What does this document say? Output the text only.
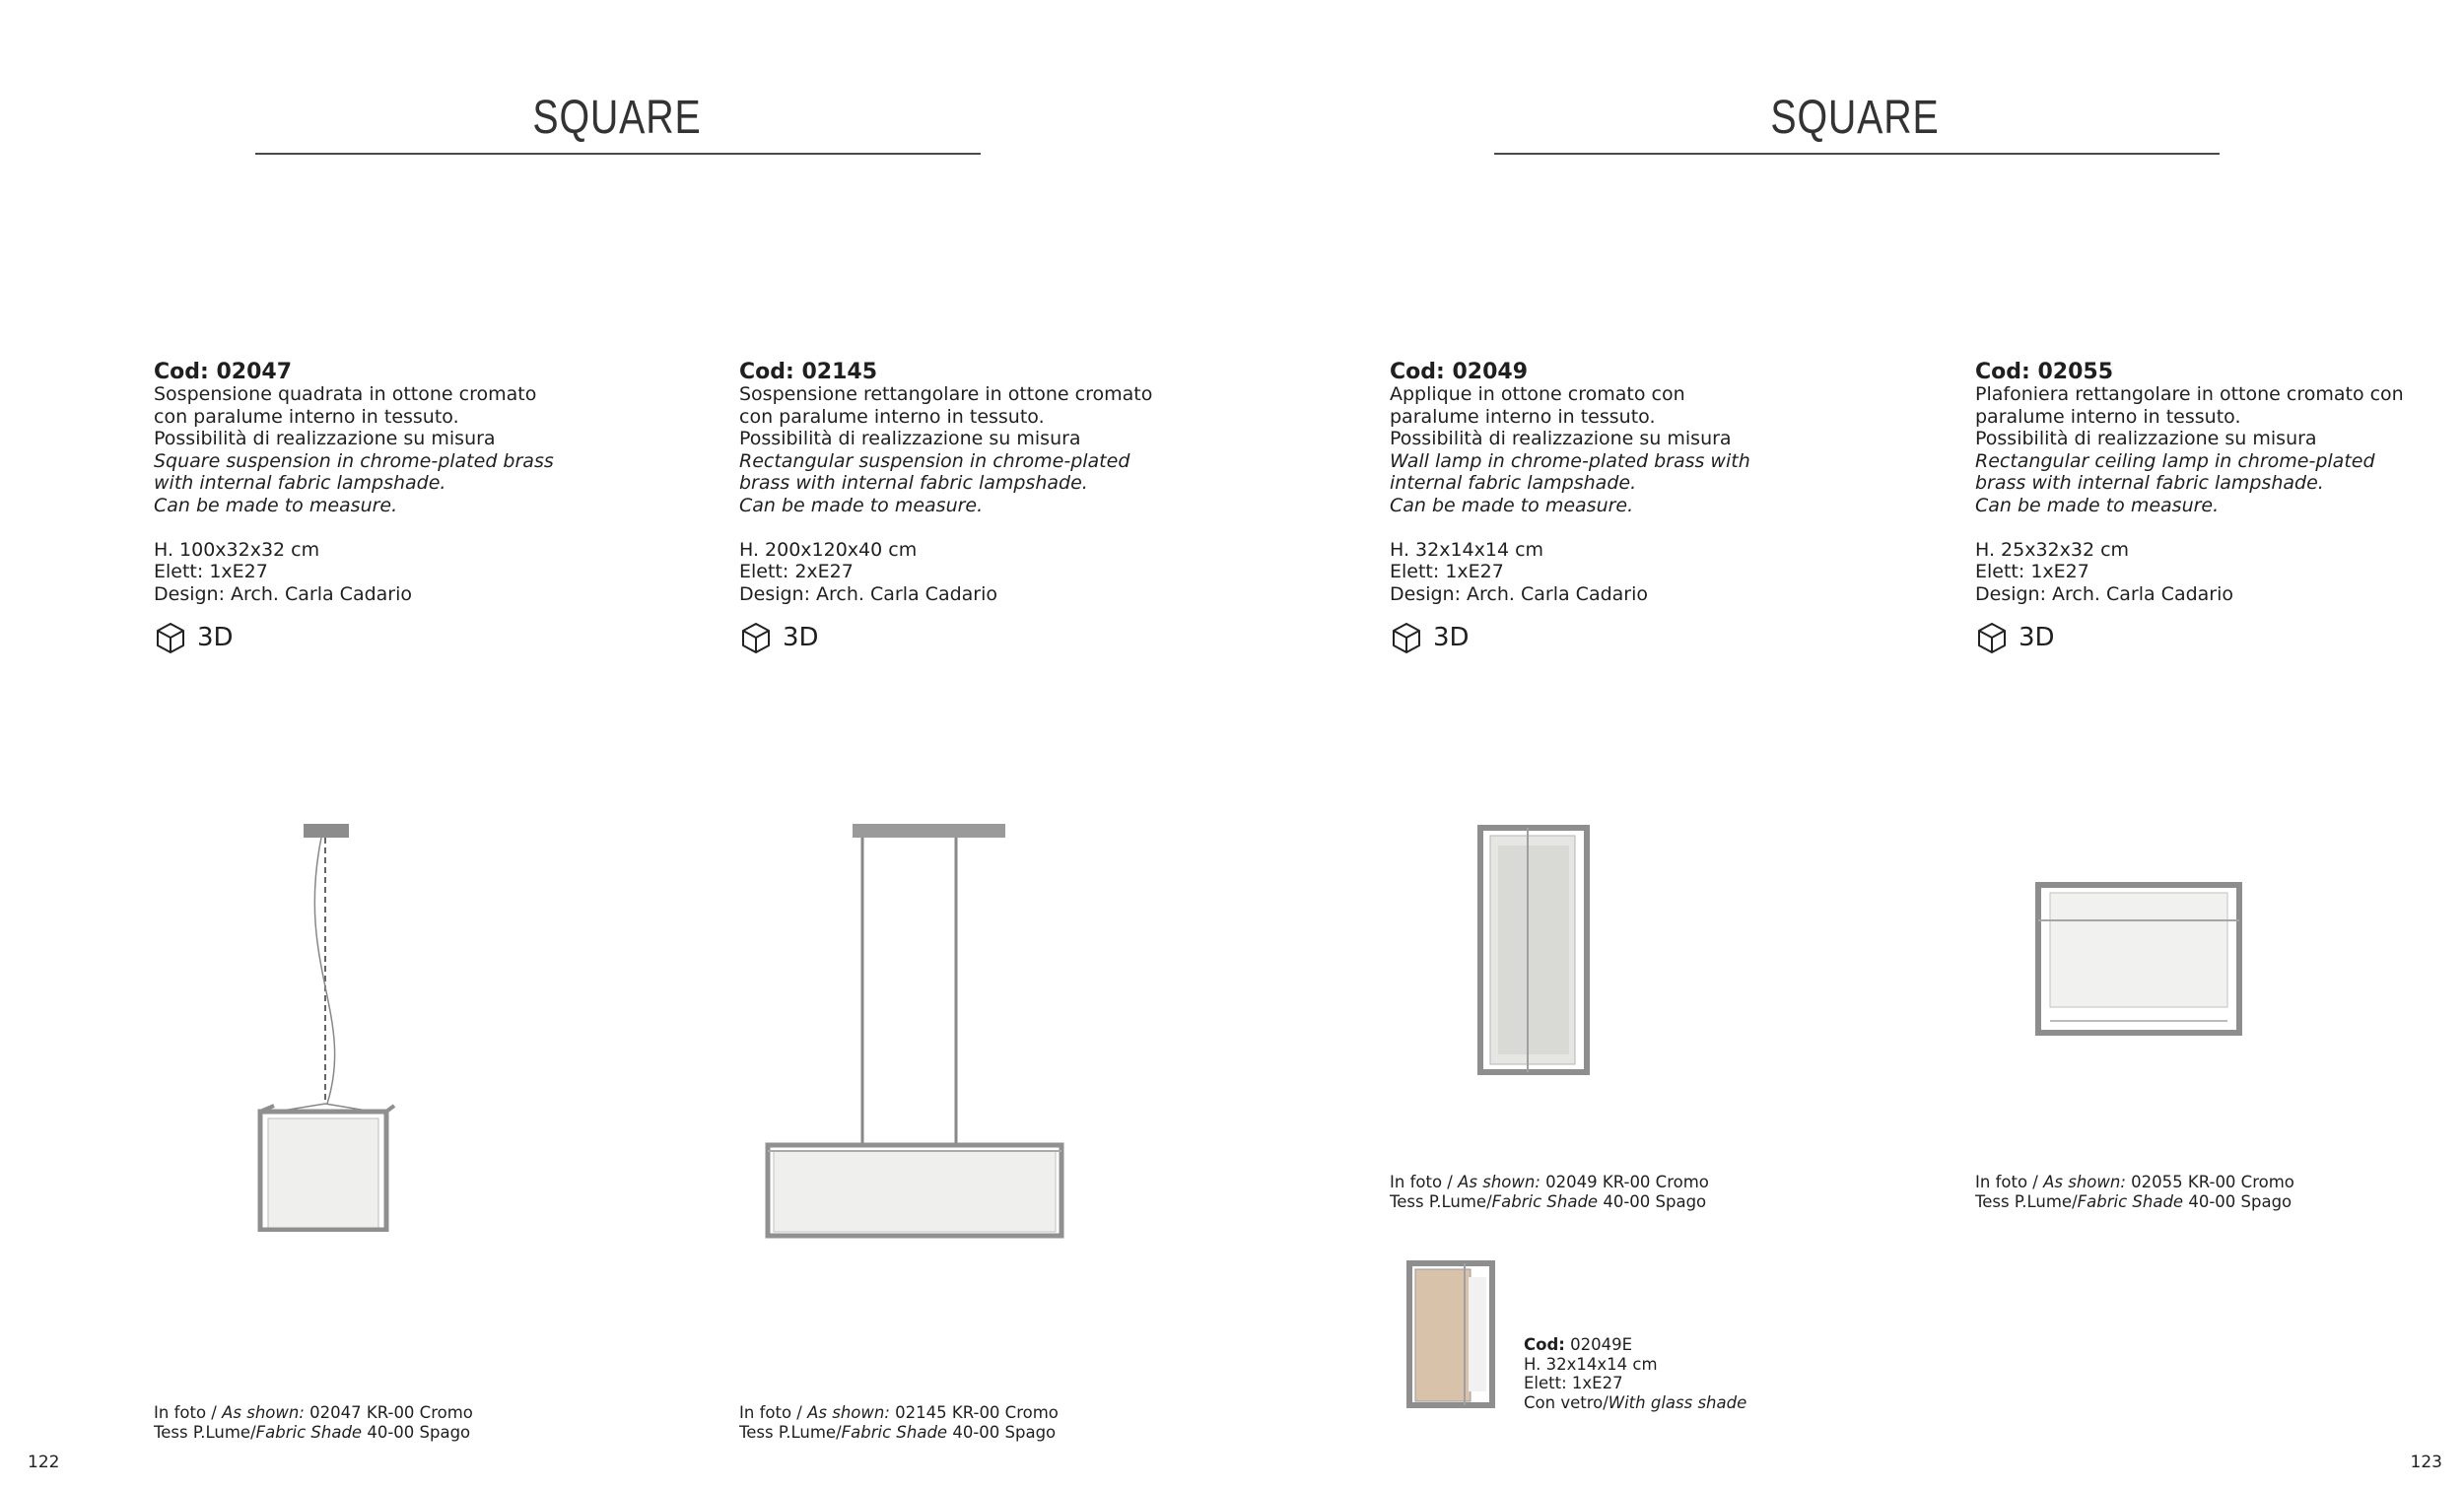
SQUARE	SQUARE

Cod: 02047

Sospensione quadrata in ottone cromato
con paralume interno in tessuto.
Possibilità di realizzazione su misura
Square suspension in chrome-plated brass
with internal fabric lampshade.
Can be made to measure.
H. 100x32x32 cm
Elett: 1xE27
Design: Arch. Carla Cadario
3D
In foto / As shown: 02047 KR-00 Cromo
Tess P.Lume/Fabric Shade 40-00 Spago

Cod: 02145

Sospensione rettangolare in ottone cromato
con paralume interno in tessuto.
Possibilità di realizzazione su misura
Rectangular suspension in chrome-plated
brass with internal fabric lampshade.
Can be made to measure.
H. 200x120x40 cm
Elett: 2xE27
Design: Arch. Carla Cadario
3D
In foto / As shown: 02145 KR-00 Cromo
Tess P.Lume/Fabric Shade 40-00 Spago

Cod: 02049

Applique in ottone cromato con
paralume interno in tessuto.
Possibilità di realizzazione su misura
Wall lamp in chrome-plated brass with
internal fabric lampshade.
Can be made to measure.
H. 32x14x14 cm
Elett: 1xE27
Design: Arch. Carla Cadario
3D
In foto / As shown: 02049 KR-00 Cromo
Tess P.Lume/Fabric Shade 40-00 Spago

Cod: 02055

Plafoniera rettangolare in ottone cromato con
paralume interno in tessuto.
Possibilità di realizzazione su misura
Rectangular ceiling lamp in chrome-plated
brass with internal fabric lampshade.
Can be made to measure.
H. 25x32x32 cm
Elett: 1xE27
Design: Arch. Carla Cadario
3D
In foto / As shown: 02055 KR-00 Cromo
Tess P.Lume/Fabric Shade 40-00 Spago
Cod: 02049E
H. 32x14x14 cm
Elett: 1xE27
Con vetro/With glass shade
122	123
